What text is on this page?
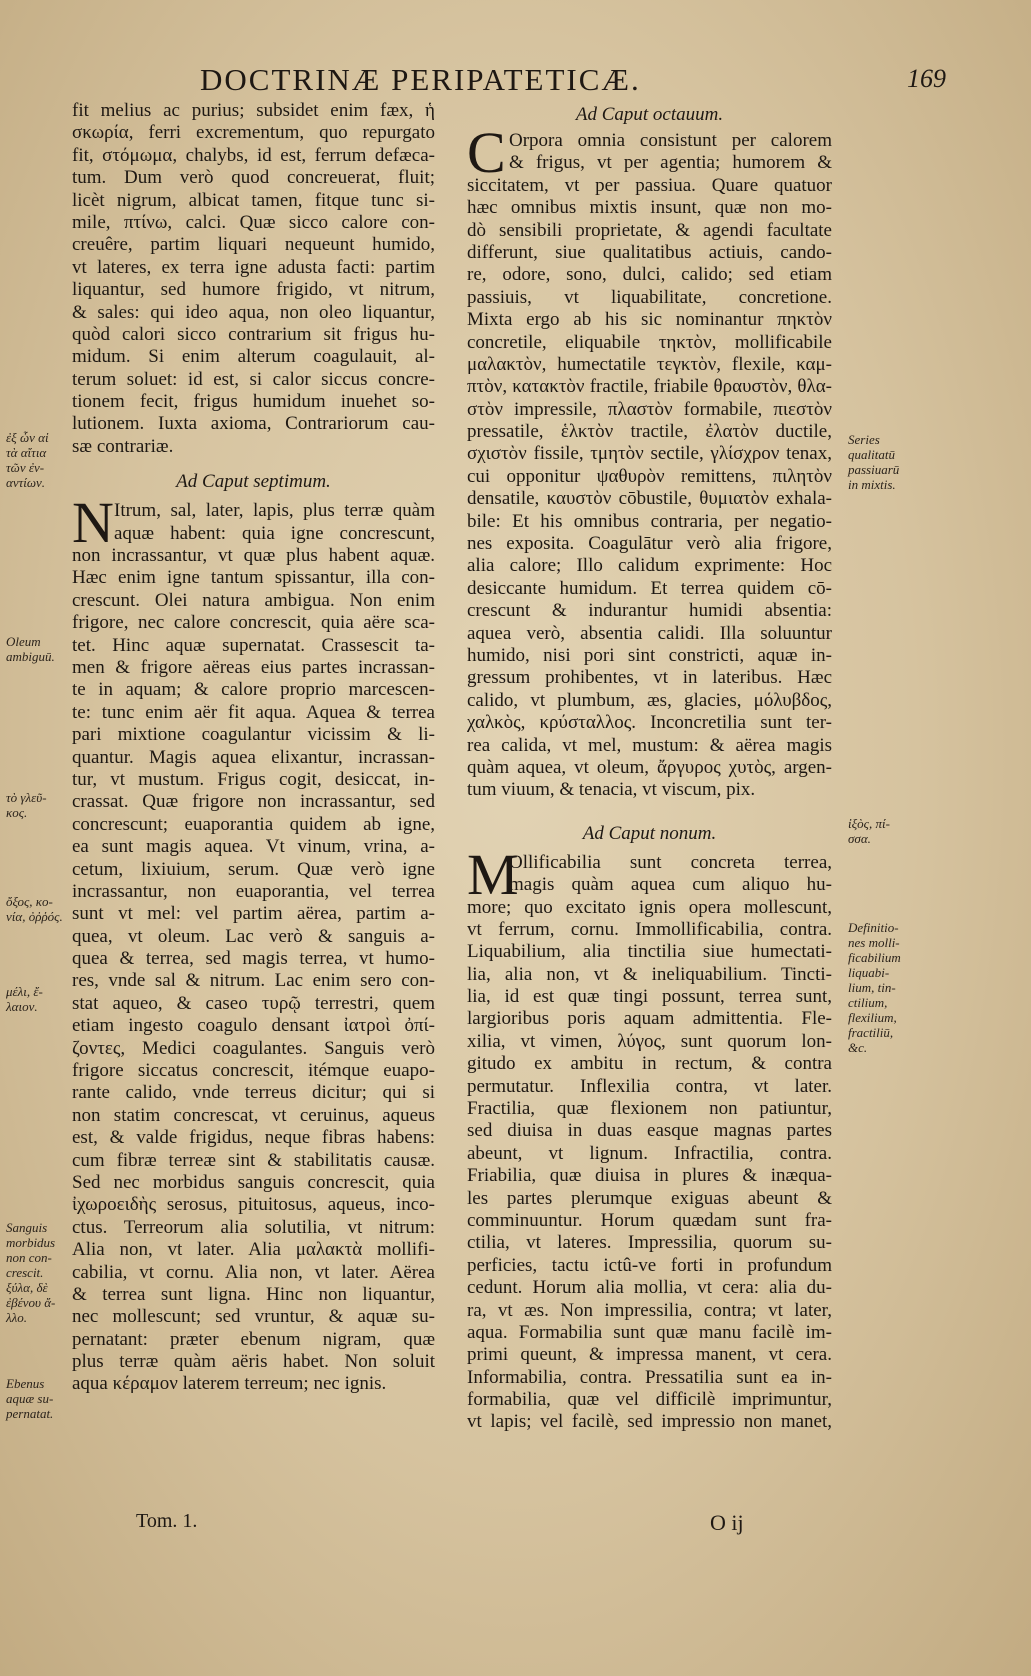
DOCTRINÆ PERIPATETICÆ.	169
fit melius ac purius; subsidet enim fæx, ἡ
σκωρία, ferri excrementum, quo repurgato
fit, στόμωμα, chalybs, id est, ferrum defæca-
tum. Dum verò quod concreuerat, fluit;
licèt nigrum, albicat tamen, fitque tunc si-
mile, πτίνω, calci. Quæ sicco calore con-
creuêre, partim liquari nequeunt humido,
vt lateres, ex terra igne adusta facti: partim
liquantur, sed humore frigido, vt nitrum,
& sales: qui ideo aqua, non oleo liquantur,
quòd calori sicco contrarium sit frigus hu-
midum. Si enim alterum coagulauit, al-
terum soluet: id est, si calor siccus concre-
tionem fecit, frigus humidum inuehet so-
lutionem. Iuxta axioma, Contrariorum cau-
sæ contrariæ.
Ad Caput septimum.
N Itrum, sal, later, lapis, plus terræ quàm
aquæ habent: quia igne concrescunt,
non incrassantur, vt quæ plus habent aquæ.
Hæc enim igne tantum spissantur, illa con-
crescunt. Olei natura ambigua. Non enim
frigore, nec calore concrescit, quia aëre sca-
tet. Hinc aquæ supernatat. Crassescit ta-
men & frigore aëreas eius partes incrassan-
te in aquam; & calore proprio marcescen-
te: tunc enim aër fit aqua. Aquea & terrea
pari mixtione coagulantur vicissim & li-
quantur. Magis aquea elixantur, incrassan-
tur, vt mustum. Frigus cogit, desiccat, in-
crassat. Quæ frigore non incrassantur, sed
concrescunt; euaporantia quidem ab igne,
ea sunt magis aquea. Vt vinum, vrina, a-
cetum, lixiuium, serum. Quæ verò igne
incrassantur, non euaporantia, vel terrea
sunt vt mel: vel partim aërea, partim a-
quea, vt oleum. Lac verò & sanguis a-
quea & terrea, sed magis terrea, vt humo-
res, vnde sal & nitrum. Lac enim sero con-
stat aqueo, & caseo τυρῷ terrestri, quem
etiam ingesto coagulo densant ἰατροὶ ὀπί-
ζοντες, Medici coagulantes. Sanguis verò
frigore siccatus concrescit, itémque euapo-
rante calido, vnde terreus dicitur; qui si
non statim concrescat, vt ceruinus, aqueus
est, & valde frigidus, neque fibras habens:
cum fibræ terreæ sint & stabilitatis causæ.
Sed nec morbidus sanguis concrescit, quia
ἰχωροειδὴς serosus, pituitosus, aqueus, inco-
ctus. Terreorum alia solutilia, vt nitrum:
Alia non, vt later. Alia μαλακτὰ mollifi-
cabilia, vt cornu. Alia non, vt later. Aërea
& terrea sunt ligna. Hinc non liquantur,
nec mollescunt; sed vruntur, & aquæ su-
pernatant: præter ebenum nigram, quæ
plus terræ quàm aëris habet. Non soluit
aqua κέραμον laterem terreum; nec ignis.
Ad Caput octauum.
C Orpora omnia consistunt per calorem
& frigus, vt per agentia; humorem &
siccitatem, vt per passiua. Quare quatuor
hæc omnibus mixtis insunt, quæ non mo-
dò sensibili proprietate, & agendi facultate
differunt, siue qualitatibus actiuis, cando-
re, odore, sono, dulci, calido; sed etiam
passiuis, vt liquabilitate, concretione.
Mixta ergo ab his sic nominantur πηκτὸν
concretile, eliquabile τηκτὸν, mollificabile
μαλακτὸν, humectatile τεγκτὸν, flexile, καμ-
πτὸν, κατακτὸν fractile, friabile θραυστὸν, θλα-
στὸν impressile, πλαστὸν formabile, πιεστὸν
pressatile, ἑλκτὸν tractile, ἐλατὸν ductile,
σχιστὸν fissile, τμητὸν sectile, γλίσχρον tenax,
cui opponitur ψαθυρὸν remittens, πιλητὸν
densatile, καυστὸν cōbustile, θυμιατὸν exhala-
bile: Et his omnibus contraria, per negatio-
nes exposita. Coagulātur verò alia frigore,
alia calore; Illo calidum exprimente: Hoc
desiccante humidum. Et terrea quidem cō-
crescunt & indurantur humidi absentia:
aquea verò, absentia calidi. Illa soluuntur
humido, nisi pori sint constricti, aquæ in-
gressum prohibentes, vt in lateribus. Hæc
calido, vt plumbum, æs, glacies, μόλυβδος,
χαλκὸς, κρύσταλλος. Inconcretilia sunt ter-
rea calida, vt mel, mustum: & aërea magis
quàm aquea, vt oleum, ἄργυρος χυτὸς, argen-
tum viuum, & tenacia, vt viscum, pix.
Ad Caput nonum.
M
Ollificabilia sunt concreta terrea,
magis quàm aquea cum aliquo hu-
more; quo excitato ignis opera mollescunt,
vt ferrum, cornu. Immollificabilia, contra.
Liquabilium, alia tinctilia siue humectati-
lia, alia non, vt & ineliquabilium. Tincti-
lia, id est quæ tingi possunt, terrea sunt,
largioribus poris aquam admittentia. Fle-
xilia, vt vimen, λύγος, sunt quorum lon-
gitudo ex ambitu in rectum, & contra
permutatur. Inflexilia contra, vt later.
Fractilia, quæ flexionem non patiuntur,
sed diuisa in duas easque magnas partes
abeunt, vt lignum. Infractilia, contra.
Friabilia, quæ diuisa in plures & inæqua-
les partes plerumque exiguas abeunt &
comminuuntur. Horum quædam sunt fra-
ctilia, vt lateres. Impressilia, quorum su-
perficies, tactu ictû-ve forti in profundum
cedunt. Horum alia mollia, vt cera: alia du-
ra, vt æs. Non impressilia, contra; vt later,
aqua. Formabilia sunt quæ manu facilè im-
primi queunt, & impressa manent, vt cera.
Informabilia, contra. Pressatilia sunt ea in-
formabilia, quæ vel difficilè imprimuntur,
vt lapis; vel facilè, sed impressio non manet,
ἐξ ὧν αἱ
τὰ αἴτια
τῶν ἐν-
αντίων.
Oleum
ambiguū.
τὸ γλεῦ-
κος.
ὄξος, κο-
νία, ὀῤῥός.
μέλι, ἔ-
λαιον.
Sanguis
morbidus
non con-
crescit.
ξύλα, δὲ
ἐβένου ἄ-
λλο.
Ebenus
aquæ su-
pernatat.
Series
qualitatū
passiuarū
in mixtis.
ἰξὸς, πί-
σσα.
Definitio-
nes molli-
ficabilium
liquabi-
lium, tin-
ctilium,
flexilium,
fractiliū,
&c.
Tom. 1.	O ij
